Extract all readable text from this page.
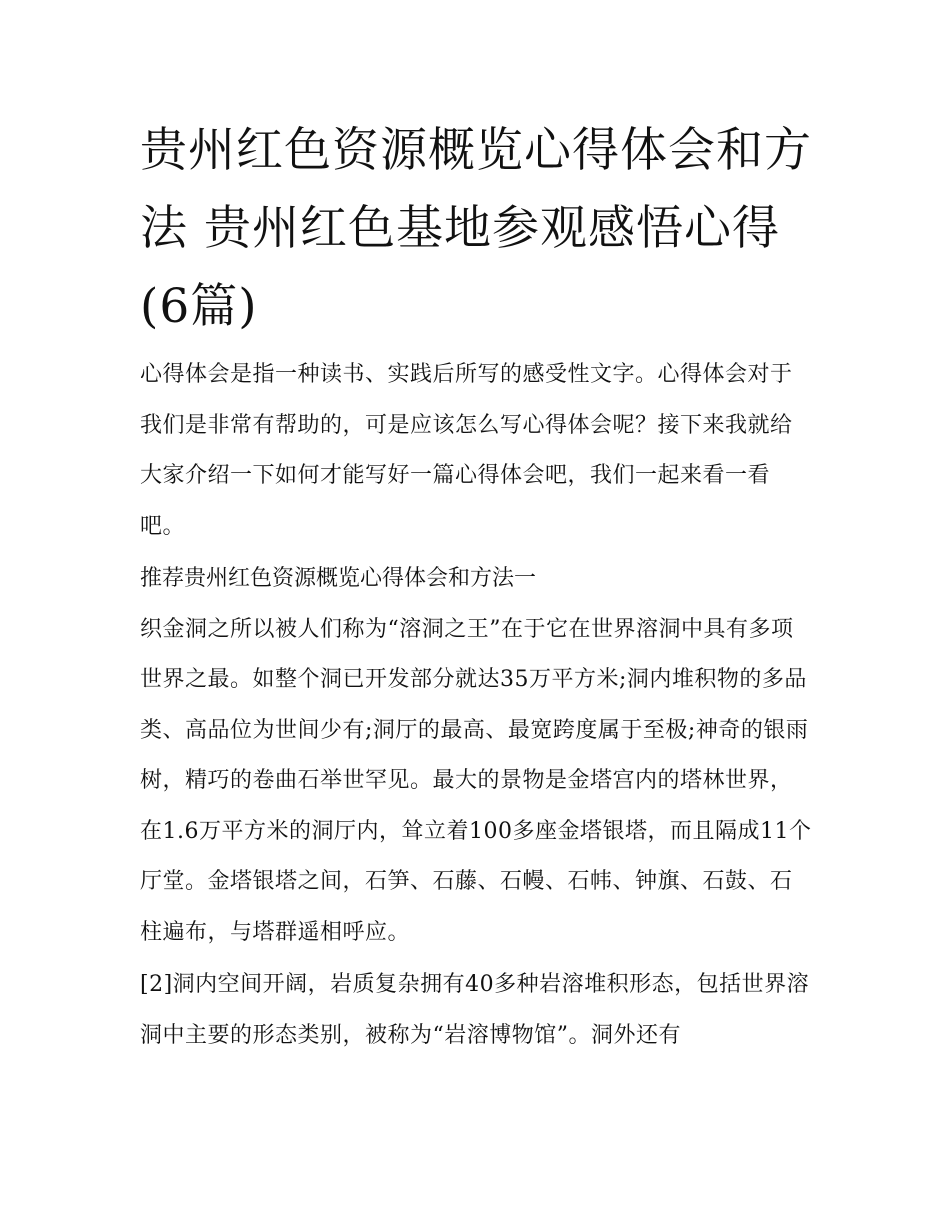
贵州红色资源概览心得体会和方法 贵州红色基地参观感悟心得(6篇)

心得体会是指一种读书、实践后所写的感受性文字。心得体会对于我们是非常有帮助的，可是应该怎么写心得体会呢？接下来我就给大家介绍一下如何才能写好一篇心得体会吧，我们一起来看一看吧。

推荐贵州红色资源概览心得体会和方法一

织金洞之所以被人们称为“溶洞之王”在于它在世界溶洞中具有多项世界之最。如整个洞已开发部分就达35万平方米;洞内堆积物的多品类、高品位为世间少有;洞厅的最高、最宽跨度属于至极;神奇的银雨树，精巧的卷曲石举世罕见。最大的景物是金塔宫内的塔林世界，在1.6万平方米的洞厅内，耸立着100多座金塔银塔，而且隔成11个厅堂。金塔银塔之间，石笋、石藤、石幔、石帏、钟旗、石鼓、石柱遍布，与塔群遥相呼应。

[2]洞内空间开阔，岩质复杂拥有40多种岩溶堆积形态，包括世界溶洞中主要的形态类别，被称为“岩溶博物馆”。洞外还有
